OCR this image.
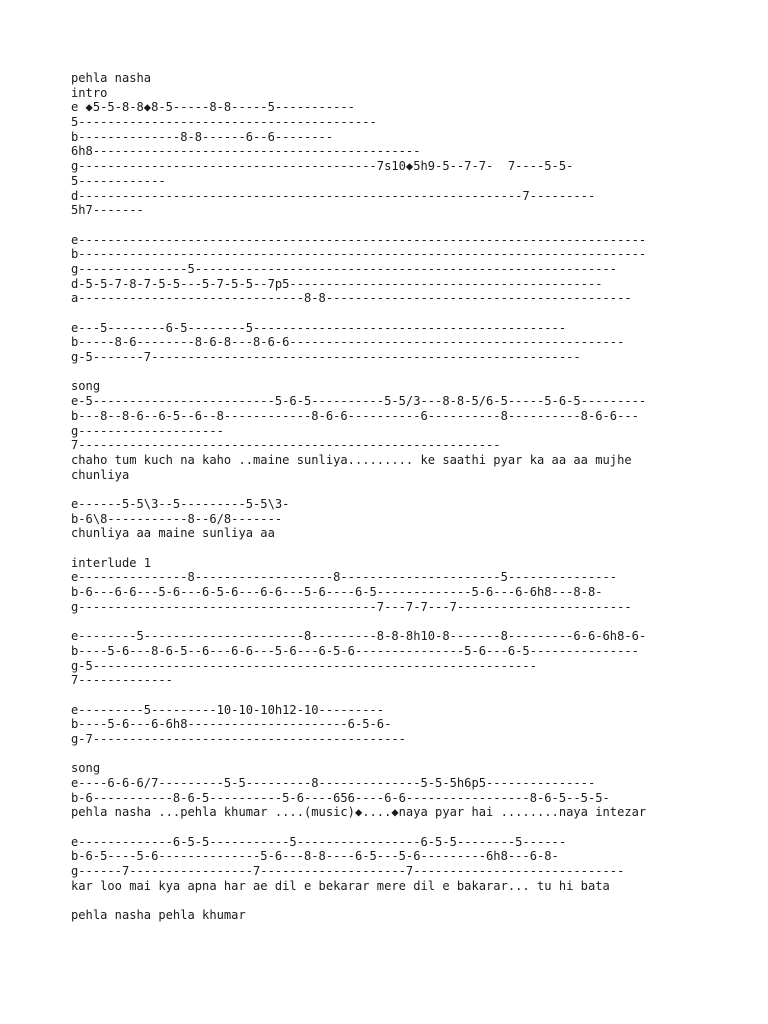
pehla nasha
intro
e ◆5-5-8-8◆8-5-----8-8-----5-----------
5-----------------------------------------
b--------------8-8------6--6--------
6h8---------------------------------------------
g-----------------------------------------7s10◆5h9-5--7-7-  7----5-5-
5------------
d-------------------------------------------------------------7---------
5h7-------
e------------------------------------------------------------------------------
b------------------------------------------------------------------------------
g---------------5----------------------------------------------------------
d-5-5-7-8-7-5-5---5-7-5-5--7p5-------------------------------------------
a-------------------------------8-8------------------------------------------
e---5--------6-5--------5-------------------------------------------
b-----8-6--------8-6-8---8-6-6----------------------------------------------
g-5-------7-----------------------------------------------------------
song
e-5-------------------------5-6-5----------5-5/3---8-8-5/6-5-----5-6-5---------
b---8--8-6--6-5--6--8------------8-6-6----------6----------8----------8-6-6---
g--------------------
7----------------------------------------------------------
chaho tum kuch na kaho ..maine sunliya......... ke saathi pyar ka aa aa mujhe
chunliya
e------5-5\3--5---------5-5\3-
b-6\8-----------8--6/8-------
chunliya aa maine sunliya aa
interlude 1
e---------------8-------------------8----------------------5---------------
b-6---6-6---5-6---6-5-6---6-6---5-6----6-5-------------5-6---6-6h8---8-8-
g-----------------------------------------7---7-7---7------------------------
e--------5----------------------8---------8-8-8h10-8-------8---------6-6-6h8-6-
b----5-6---8-6-5--6---6-6---5-6---6-5-6---------------5-6---6-5---------------
g-5-------------------------------------------------------------
7-------------
e---------5---------10-10-10h12-10---------
b----5-6---6-6h8----------------------6-5-6-
g-7-------------------------------------------
song
e----6-6-6/7---------5-5---------8--------------5-5-5h6p5---------------
b-6-----------8-6-5----------5-6----656----6-6-----------------8-6-5--5-5-
pehla nasha ...pehla khumar ....(music)◆....◆naya pyar hai ........naya intezar
e-------------6-5-5-----------5-----------------6-5-5--------5------
b-6-5----5-6--------------5-6---8-8----6-5---5-6---------6h8---6-8-
g------7-----------------7--------------------7-----------------------------
kar loo mai kya apna har ae dil e bekarar mere dil e bakarar... tu hi bata
pehla nasha pehla khumar
